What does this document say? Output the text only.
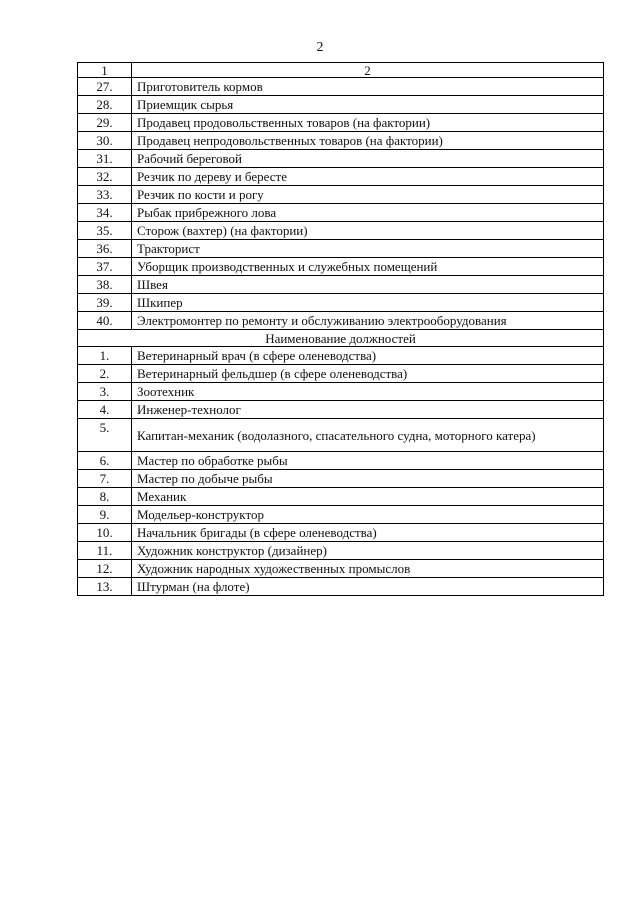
2
1	2
27.	Приготовитель кормов
28.	Приемщик сырья
29.	Продавец продовольственных товаров (на фактории)
30.	Продавец непродовольственных товаров (на фактории)
31.	Рабочий береговой
32.	Резчик по дереву и бересте
33.	Резчик по кости и рогу
34.	Рыбак прибрежного лова
35.	Сторож (вахтер) (на фактории)
36.	Тракторист
37.	Уборщик производственных и служебных помещений
38.	Швея
39.	Шкипер
40.	Электромонтер по ремонту и обслуживанию электрооборудования
Наименование должностей	
1.	Ветеринарный врач (в сфере оленеводства)
2.	Ветеринарный фельдшер (в сфере оленеводства)
3.	Зоотехник
4.	Инженер-технолог
5.	Капитан-механик (водолазного, спасательного судна, моторного катера)
6.	Мастер по обработке рыбы
7.	Мастер по добыче рыбы
8.	Механик
9.	Модельер-конструктор
10.	Начальник бригады (в сфере оленеводства)
11.	Художник конструктор (дизайнер)
12.	Художник народных художественных промыслов
13.	Штурман (на флоте)
